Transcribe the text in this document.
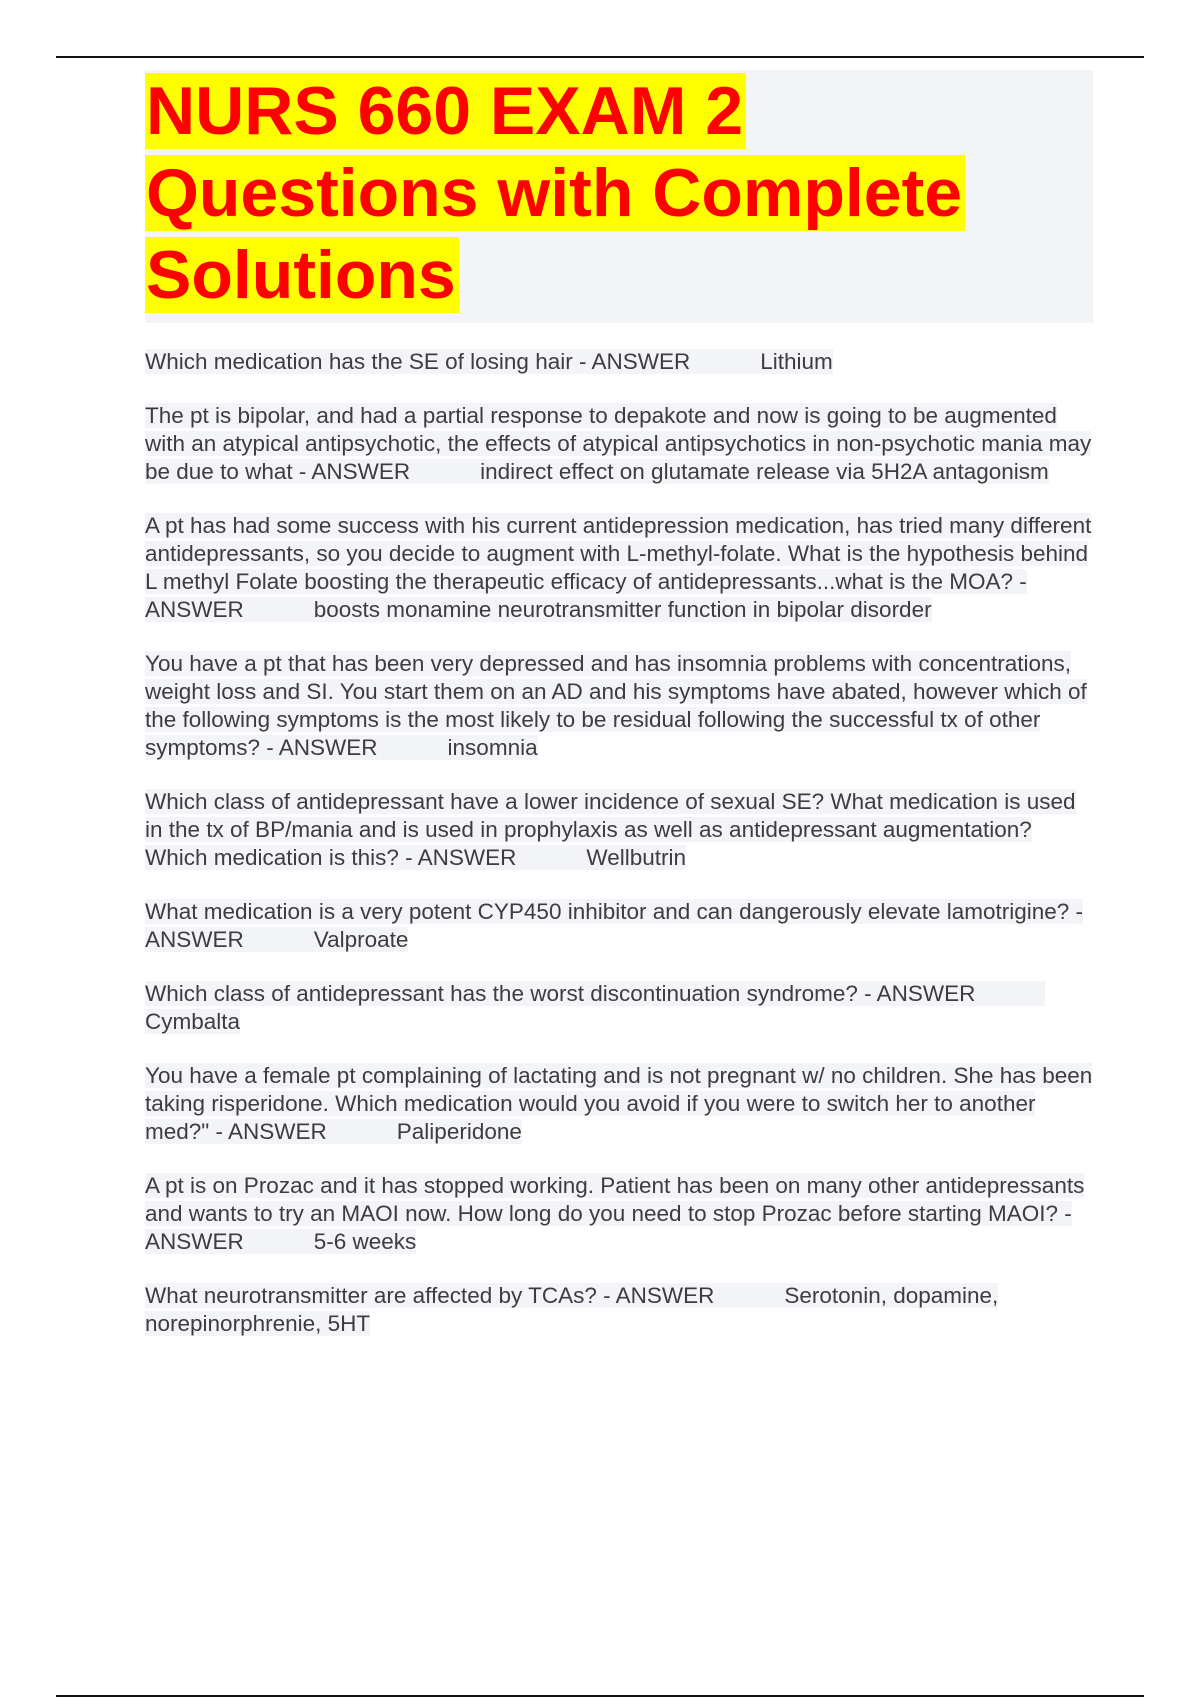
NURS 660 EXAM 2 Questions with Complete Solutions

Which medication has the SE of losing hair - ANSWER	Lithium

The pt is bipolar, and had a partial response to depakote and now is going to be augmented with an atypical antipsychotic, the effects of atypical antipsychotics in non-psychotic mania may be due to what - ANSWER	indirect effect on glutamate release via 5H2A antagonism

A pt has had some success with his current antidepression medication, has tried many different antidepressants, so you decide to augment with L-methyl-folate. What is the hypothesis behind L methyl Folate boosting the therapeutic efficacy of antidepressants...what is the MOA? - ANSWER	boosts monamine neurotransmitter function in bipolar disorder

You have a pt that has been very depressed and has insomnia problems with concentrations, weight loss and SI. You start them on an AD and his symptoms have abated, however which of the following symptoms is the most likely to be residual following the successful tx of other symptoms? - ANSWER	insomnia

Which class of antidepressant have a lower incidence of sexual SE? What medication is used in the tx of BP/mania and is used in prophylaxis as well as antidepressant augmentation? Which medication is this? - ANSWER	Wellbutrin

What medication is a very potent CYP450 inhibitor and can dangerously elevate lamotrigine? - ANSWER	Valproate

Which class of antidepressant has the worst discontinuation syndrome? - ANSWERCymbalta

You have a female pt complaining of lactating and is not pregnant w/ no children. She has been taking risperidone. Which medication would you avoid if you were to switch her to another med?" - ANSWER	Paliperidone

A pt is on Prozac and it has stopped working. Patient has been on many other antidepressants and wants to try an MAOI now. How long do you need to stop Prozac before starting MAOI? - ANSWER	5-6 weeks

What neurotransmitter are affected by TCAs? - ANSWER	Serotonin, dopamine, norepinorphrenie, 5HT
